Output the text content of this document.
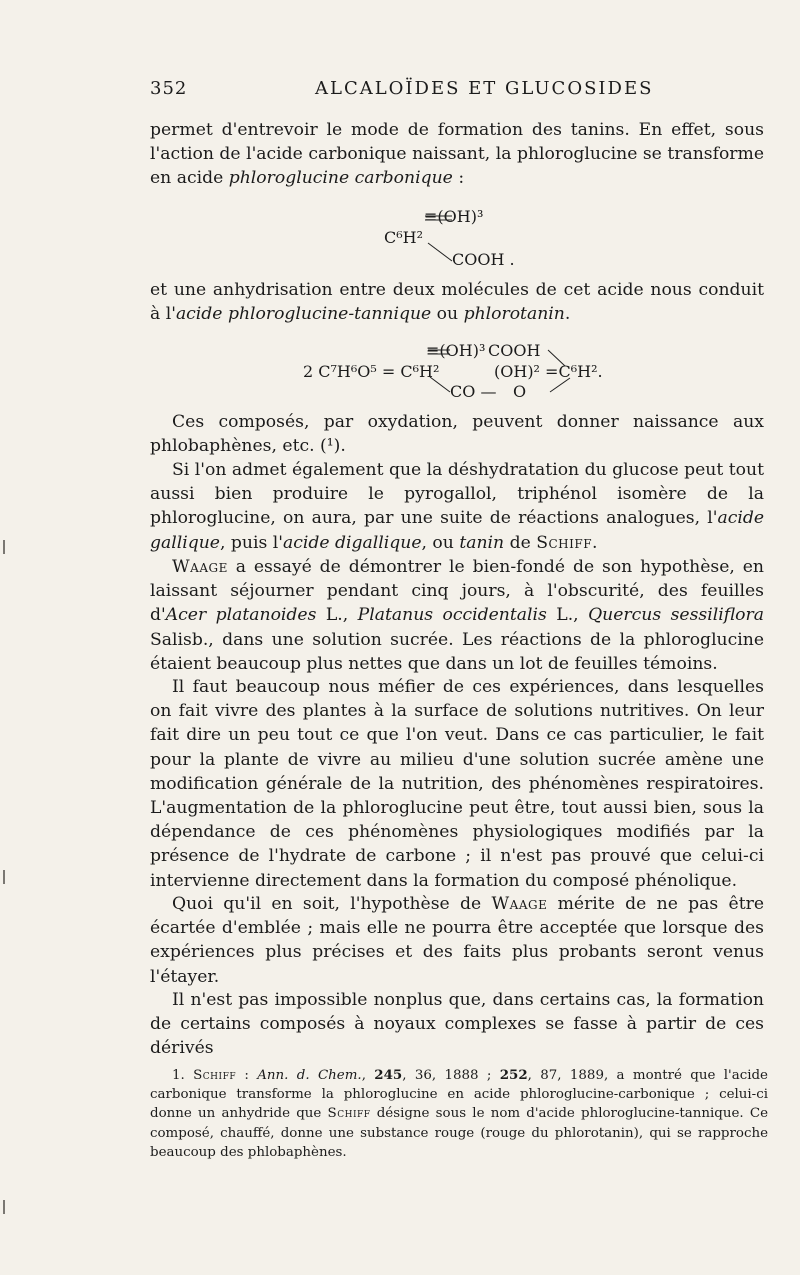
352	ALCALOÏDES ET GLUCOSIDES

permet d'entrevoir le mode de formation des tanins. En effet, sous l'action de l'acide carbonique naissant, la phloroglucine se transforme en acide phloroglucine carbonique :

≡(OH)³
C⁶H²
COOH .

et une anhydrisation entre deux molécules de cet acide nous conduit à l'acide phloroglucine-tannique ou phlorotanin.

≡(OH)³ COOH
2 C⁷H⁶O⁵ = C⁶H²	(OH)² =C⁶H².
CO — O

Ces composés, par oxydation, peuvent donner naissance aux phlobaphènes, etc. (¹).

Si l'on admet également que la déshydratation du glucose peut tout aussi bien produire le pyrogallol, triphénol isomère de la phloroglucine, on aura, par une suite de réactions analogues, l'acide gallique, puis l'acide digallique, ou tanin de Schiff.

Waage a essayé de démontrer le bien-fondé de son hypothèse, en laissant séjourner pendant cinq jours, à l'obscurité, des feuilles d'Acer platanoides L., Platanus occidentalis L., Quercus sessiliflora Salisb., dans une solution sucrée. Les réactions de la phloroglucine étaient beaucoup plus nettes que dans un lot de feuilles témoins.

Il faut beaucoup nous méfier de ces expériences, dans lesquelles on fait vivre des plantes à la surface de solutions nutritives. On leur fait dire un peu tout ce que l'on veut. Dans ce cas particulier, le fait pour la plante de vivre au milieu d'une solution sucrée amène une modification générale de la nutrition, des phénomènes respiratoires. L'augmentation de la phloroglucine peut être, tout aussi bien, sous la dépendance de ces phénomènes physiologiques modifiés par la présence de l'hydrate de carbone ; il n'est pas prouvé que celui-ci intervienne directement dans la formation du composé phénolique.

Quoi qu'il en soit, l'hypothèse de Waage mérite de ne pas être écartée d'emblée ; mais elle ne pourra être acceptée que lorsque des expériences plus précises et des faits plus probants seront venus l'étayer.

Il n'est pas impossible nonplus que, dans certains cas, la formation de certains composés à noyaux complexes se fasse à partir de ces dérivés

1. Schiff : Ann. d. Chem., 245, 36, 1888 ; 252, 87, 1889, a montré que l'acide carbonique transforme la phloroglucine en acide phloroglucine-carbonique ; celui-ci donne un anhydride que Schiff désigne sous le nom d'acide phloroglucine-tannique. Ce composé, chauffé, donne une substance rouge (rouge du phlorotanin), qui se rapproche beaucoup des phlobaphènes.
